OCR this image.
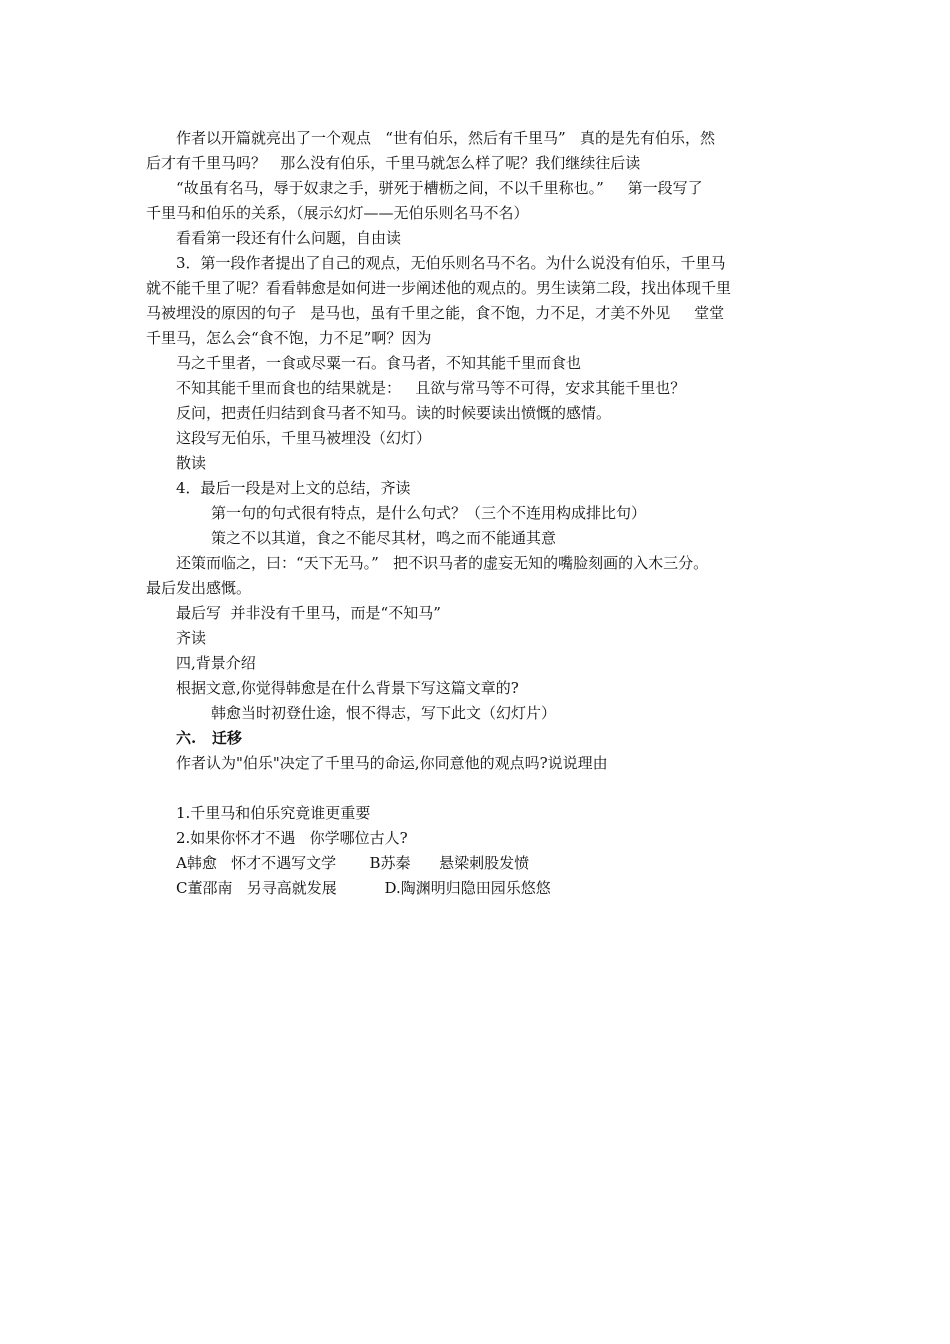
作者以开篇就亮出了一个观点   “世有伯乐，然后有千里马”   真的是先有伯乐，然
后才有千里马吗？   那么没有伯乐，千里马就怎么样了呢？我们继续往后读
“故虽有名马，辱于奴隶之手，骈死于槽枥之间，不以千里称也。”     第一段写了
千里马和伯乐的关系，（展示幻灯——无伯乐则名马不名）
看看第一段还有什么问题，自由读
3．第一段作者提出了自己的观点，无伯乐则名马不名。为什么说没有伯乐，千里马
就不能千里了呢？看看韩愈是如何进一步阐述他的观点的。男生读第二段，找出体现千里
马被埋没的原因的句子   是马也，虽有千里之能，食不饱，力不足，才美不外见     堂堂
千里马，怎么会“食不饱，力不足”啊？因为
马之千里者，一食或尽粟一石。食马者，不知其能千里而食也
不知其能千里而食也的结果就是：   且欲与常马等不可得，安求其能千里也？
反问，把责任归结到食马者不知马。读的时候要读出愤慨的感情。
这段写无伯乐，千里马被埋没（幻灯）
散读
4．最后一段是对上文的总结，齐读
第一句的句式很有特点，是什么句式？（三个不连用构成排比句）
策之不以其道，食之不能尽其材，鸣之而不能通其意
还策而临之，曰：“天下无马。”   把不识马者的虚妄无知的嘴脸刻画的入木三分。
最后发出感慨。
最后写  并非没有千里马，而是“不知马”
齐读
四,背景介绍
根据文意,你觉得韩愈是在什么背景下写这篇文章的?
韩愈当时初登仕途，恨不得志，写下此文（幻灯片）
六.   迁移
作者认为"伯乐"决定了千里马的命运,你同意他的观点吗?说说理由
1.千里马和伯乐究竟谁更重要
2.如果你怀才不遇   你学哪位古人?
A韩愈   怀才不遇写文学       B苏秦      悬梁刺股发愤
C董邵南   另寻高就发展          D.陶渊明归隐田园乐悠悠
